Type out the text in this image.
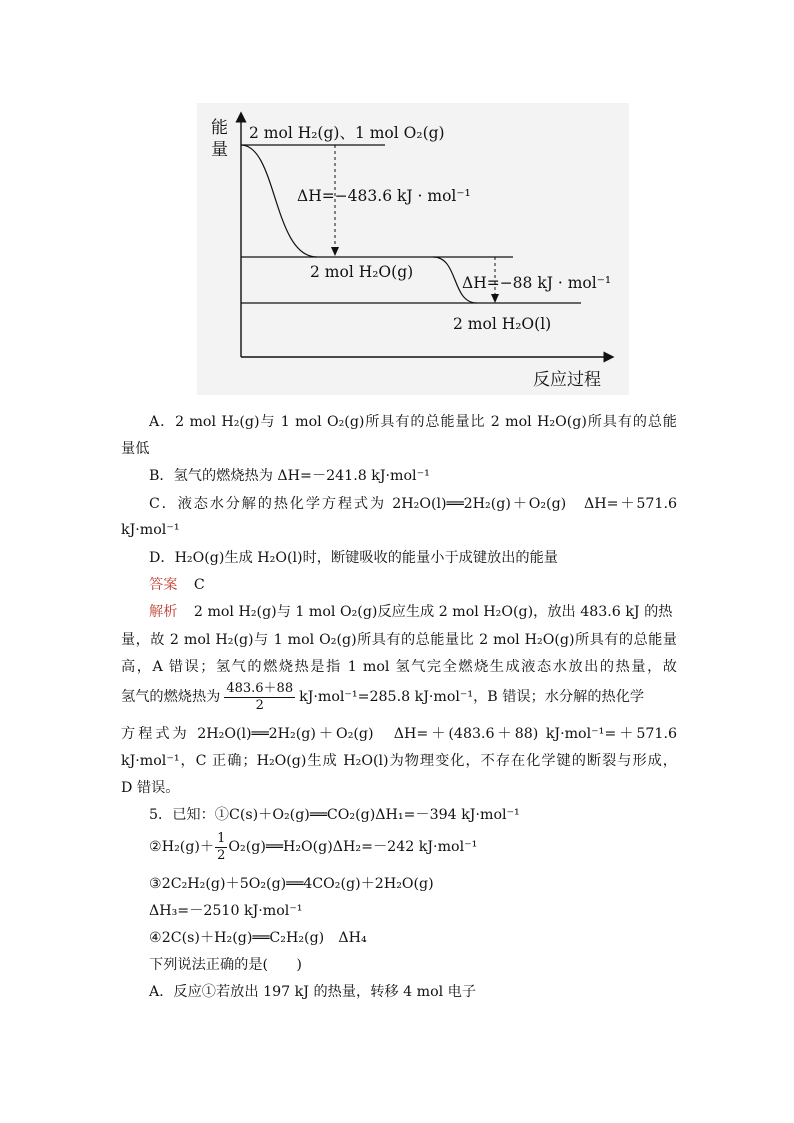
能
量
2 mol H₂(g)、1 mol O₂(g)
ΔH=−483.6 kJ · mol⁻¹
2 mol H₂O(g)
ΔH=−88 kJ · mol⁻¹
2 mol H₂O(l)
反应过程
A．2 mol H₂(g)与 1 mol O₂(g)所具有的总能量比 2 mol H₂O(g)所具有的总能
量低
B．氢气的燃烧热为 ΔH=－241.8 kJ·mol⁻¹
C．液态水分解的热化学方程式为 2H₂O(l)══2H₂(g)＋O₂(g)　ΔH=＋571.6
kJ·mol⁻¹
D．H₂O(g)生成 H₂O(l)时，断键吸收的能量小于成键放出的能量
答案 C
解析 2 mol H₂(g)与 1 mol O₂(g)反应生成 2 mol H₂O(g)，放出 483.6 kJ 的热
量，故 2 mol H₂(g)与 1 mol O₂(g)所具有的总能量比 2 mol H₂O(g)所具有的总能量
高，A 错误；氢气的燃烧热是指 1 mol 氢气完全燃烧生成液态水放出的热量，故
氢气的燃烧热为 $\frac{483.6+88}{2} kJ\cdot mol^{-1}=285.8$ kJ·mol⁻¹，B 错误；水分解的热化学
方程式为 2H₂O(l)══2H₂(g)＋O₂(g)　ΔH=＋(483.6＋88) kJ·mol⁻¹=＋571.6
kJ·mol⁻¹，C 正确；H₂O(g)生成 H₂O(l)为物理变化，不存在化学键的断裂与形成，
D 错误。
5．已知：①C(s)＋O₂(g)══CO₂(g)ΔH₁=－394 kJ·mol⁻¹
②H₂(g)＋ $\frac{1}{2}$ O₂(g)══H₂O(g)ΔH₂=－242 kJ·mol⁻¹
③2C₂H₂(g)＋5O₂(g)══4CO₂(g)＋2H₂O(g)
ΔH₃=－2510 kJ·mol⁻¹
④2C(s)＋H₂(g)══C₂H₂(g)　ΔH₄
下列说法正确的是(　　)
A．反应①若放出 197 kJ 的热量，转移 4 mol 电子
